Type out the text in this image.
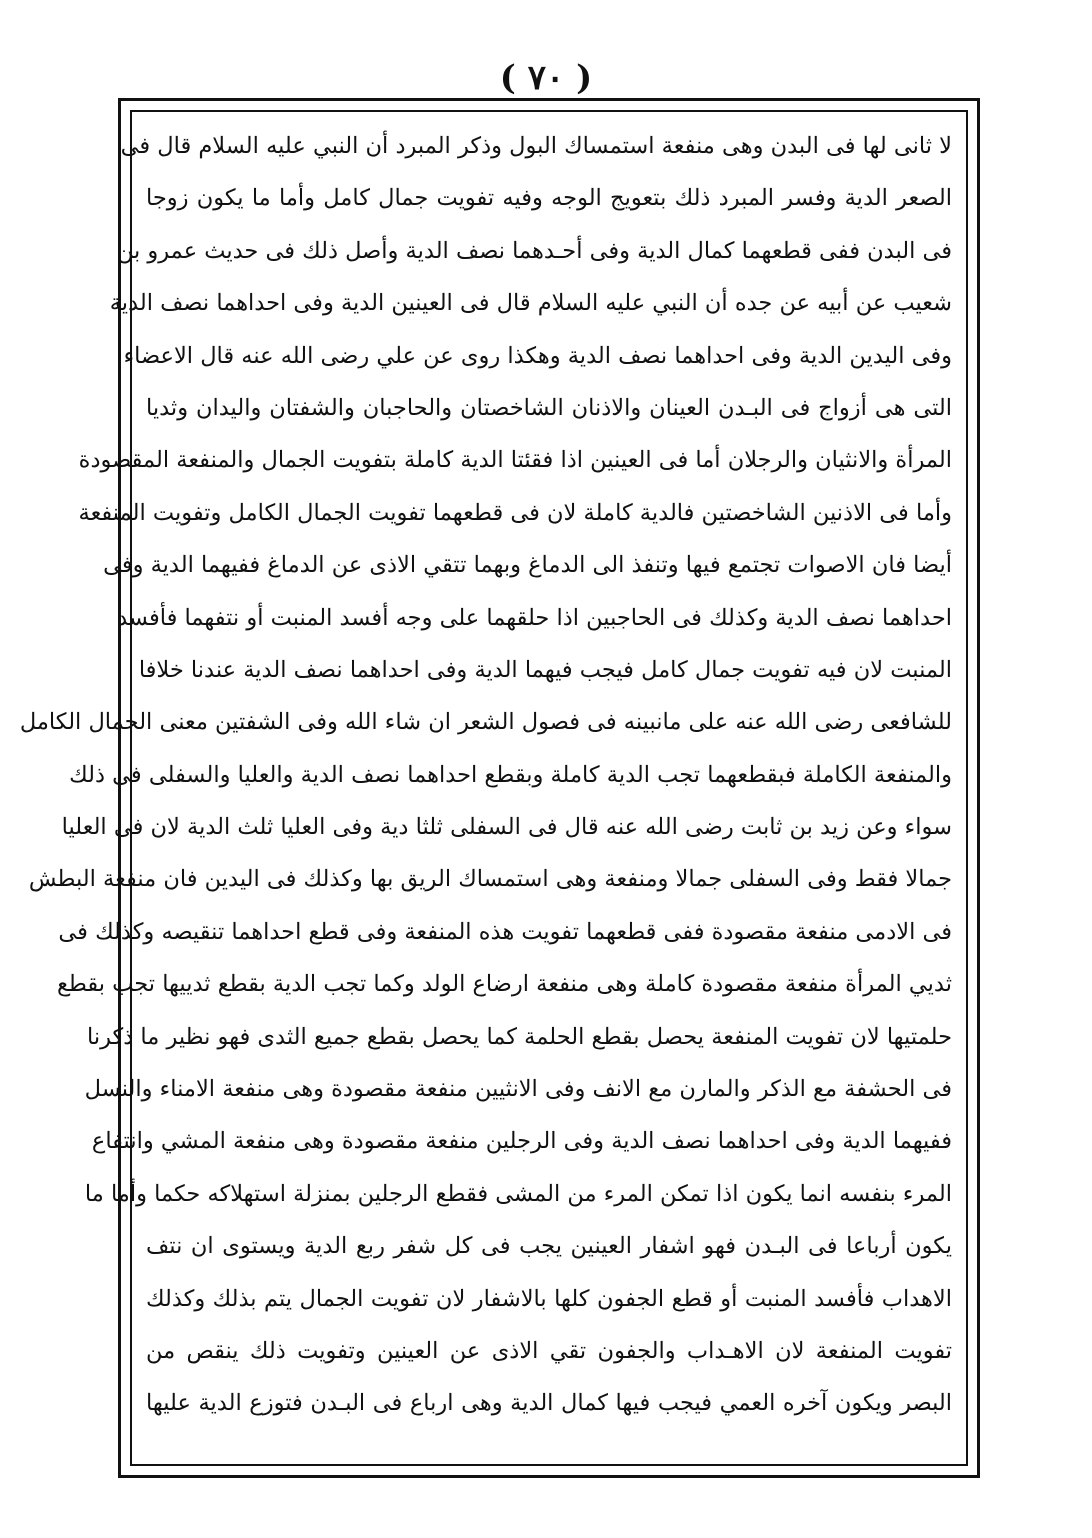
( ٧٠ )
لا ثانى لها فى البدن وهى منفعة استمساك البول وذكر المبرد أن النبي عليه السلام قال فى
الصعر الدية وفسر المبرد ذلك بتعويج الوجه وفيه تفويت جمال كامل وأما ما يكون زوجا
فى البدن ففى قطعهما كمال الدية وفى أحـدهما نصف الدية وأصل ذلك فى حديث عمرو بن
شعيب عن أبيه عن جده أن النبي عليه السلام قال فى العينين الدية وفى احداهما نصف الدية
وفى اليدين الدية وفى احداهما نصف الدية وهكذا روى عن علي رضى الله عنه قال الاعضاء
التى هى أزواج فى البـدن العينان والاذنان الشاخصتان والحاجبان والشفتان واليدان وثديا
المرأة والانثيان والرجلان أما فى العينين اذا فقئتا الدية كاملة بتفويت الجمال والمنفعة المقصودة
وأما فى الاذنين الشاخصتين فالدية كاملة لان فى قطعهما تفويت الجمال الكامل وتفويت المنفعة
أيضا فان الاصوات تجتمع فيها وتنفذ الى الدماغ وبهما تتقي الاذى عن الدماغ ففيهما الدية وفى
احداهما نصف الدية وكذلك فى الحاجبين اذا حلقهما على وجه أفسد المنبت أو نتفهما فأفسد
المنبت لان فيه تفويت جمال كامل فيجب فيهما الدية وفى احداهما نصف الدية عندنا خلافا
للشافعى رضى الله عنه على مانبينه فى فصول الشعر ان شاء الله وفى الشفتين معنى الجمال الكامل
والمنفعة الكاملة فبقطعهما تجب الدية كاملة وبقطع احداهما نصف الدية والعليا والسفلى فى ذلك
سواء وعن زيد بن ثابت رضى الله عنه قال فى السفلى ثلثا دية وفى العليا ثلث الدية لان فى العليا
جمالا فقط وفى السفلى جمالا ومنفعة وهى استمساك الريق بها وكذلك فى اليدين فان منفعة البطش
فى الادمى منفعة مقصودة ففى قطعهما تفويت هذه المنفعة وفى قطع احداهما تنقيصه وكذلك فى
ثديي المرأة منفعة مقصودة كاملة وهى منفعة ارضاع الولد وكما تجب الدية بقطع ثدييها تجب بقطع
حلمتيها لان تفويت المنفعة يحصل بقطع الحلمة كما يحصل بقطع جميع الثدى فهو نظير ما ذكرنا
فى الحشفة مع الذكر والمارن مع الانف وفى الانثيين منفعة مقصودة وهى منفعة الامناء والنسل
ففيهما الدية وفى احداهما نصف الدية وفى الرجلين منفعة مقصودة وهى منفعة المشي وانتفاع
المرء بنفسه انما يكون اذا تمكن المرء من المشى فقطع الرجلين بمنزلة استهلاكه حكما وأما ما
يكون أرباعا فى البـدن فهو اشفار العينين يجب فى كل شفر ربع الدية ويستوى ان نتف
الاهداب فأفسد المنبت أو قطع الجفون كلها بالاشفار لان تفويت الجمال يتم بذلك وكذلك
تفويت المنفعة لان الاهـداب والجفون تقي الاذى عن العينين وتفويت ذلك ينقص من
البصر ويكون آخره العمي فيجب فيها كمال الدية وهى ارباع فى البـدن فتوزع الدية عليها
